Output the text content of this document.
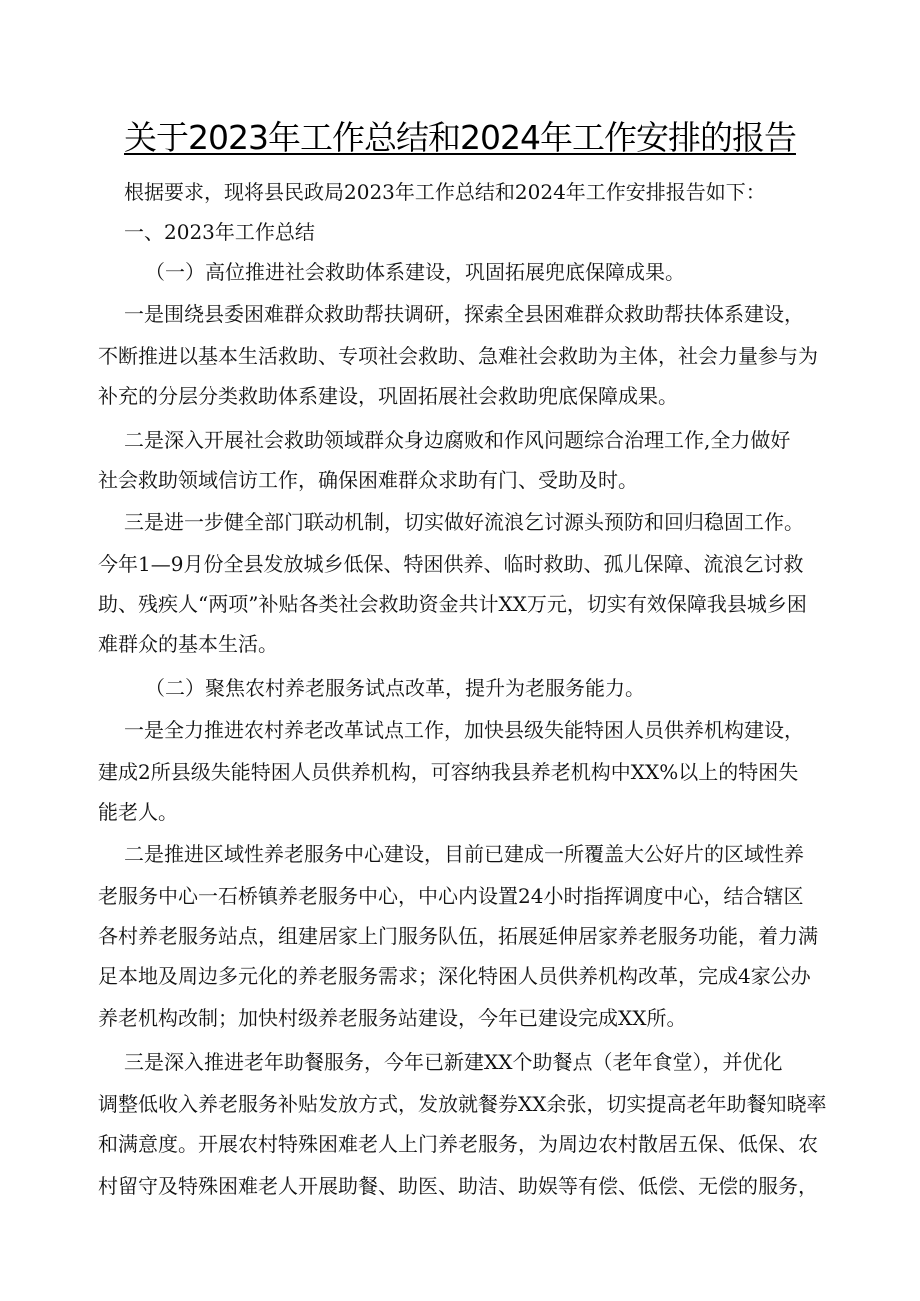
关于2023年工作总结和2024年工作安排的报告
根据要求，现将县民政局2023年工作总结和2024年工作安排报告如下：
一、2023年工作总结
（一）高位推进社会救助体系建设，巩固拓展兜底保障成果。
一是围绕县委困难群众救助帮扶调研，探索全县困难群众救助帮扶体系建设，
不断推进以基本生活救助、专项社会救助、急难社会救助为主体，社会力量参与为
补充的分层分类救助体系建设，巩固拓展社会救助兜底保障成果。
二是深入开展社会救助领域群众身边腐败和作风问题综合治理工作,全力做好
社会救助领域信访工作，确保困难群众求助有门、受助及时。
三是进一步健全部门联动机制，切实做好流浪乞讨源头预防和回归稳固工作。
今年1—9月份全县发放城乡低保、特困供养、临时救助、孤儿保障、流浪乞讨救
助、残疾人“两项”补贴各类社会救助资金共计XX万元，切实有效保障我县城乡困
难群众的基本生活。
（二）聚焦农村养老服务试点改革，提升为老服务能力。
一是全力推进农村养老改革试点工作，加快县级失能特困人员供养机构建设，
建成2所县级失能特困人员供养机构，可容纳我县养老机构中XX%以上的特困失
能老人。
二是推进区域性养老服务中心建设，目前已建成一所覆盖大公好片的区域性养
老服务中心一石桥镇养老服务中心，中心内设置24小时指挥调度中心，结合辖区
各村养老服务站点，组建居家上门服务队伍，拓展延伸居家养老服务功能，着力满
足本地及周边多元化的养老服务需求；深化特困人员供养机构改革，完成4家公办
养老机构改制；加快村级养老服务站建设，今年已建设完成XX所。
三是深入推进老年助餐服务，今年已新建XX个助餐点（老年食堂），并优化
调整低收入养老服务补贴发放方式，发放就餐券XX余张，切实提高老年助餐知晓率
和满意度。开展农村特殊困难老人上门养老服务，为周边农村散居五保、低保、农
村留守及特殊困难老人开展助餐、助医、助洁、助娱等有偿、低偿、无偿的服务，
